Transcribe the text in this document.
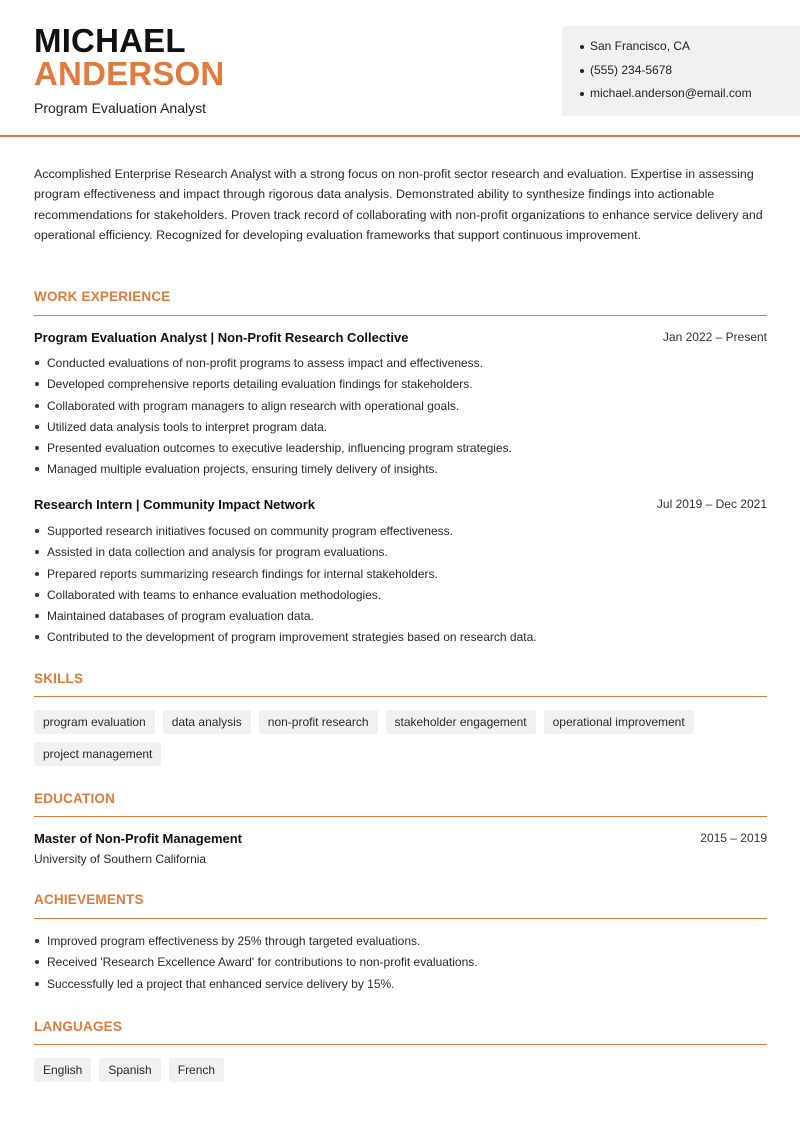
MICHAEL
ANDERSON
Program Evaluation Analyst
San Francisco, CA
(555) 234-5678
michael.anderson@email.com

Accomplished Enterprise Research Analyst with a strong focus on non-profit sector research and evaluation. Expertise in assessing program effectiveness and impact through rigorous data analysis. Demonstrated ability to synthesize findings into actionable recommendations for stakeholders. Proven track record of collaborating with non-profit organizations to enhance service delivery and operational efficiency. Recognized for developing evaluation frameworks that support continuous improvement.

WORK EXPERIENCE
Program Evaluation Analyst | Non-Profit Research Collective	Jan 2022 – Present
Conducted evaluations of non-profit programs to assess impact and effectiveness.
Developed comprehensive reports detailing evaluation findings for stakeholders.
Collaborated with program managers to align research with operational goals.
Utilized data analysis tools to interpret program data.
Presented evaluation outcomes to executive leadership, influencing program strategies.
Managed multiple evaluation projects, ensuring timely delivery of insights.
Research Intern | Community Impact Network	Jul 2019 – Dec 2021
Supported research initiatives focused on community program effectiveness.
Assisted in data collection and analysis for program evaluations.
Prepared reports summarizing research findings for internal stakeholders.
Collaborated with teams to enhance evaluation methodologies.
Maintained databases of program evaluation data.
Contributed to the development of program improvement strategies based on research data.
SKILLS
program evaluation	data analysis	non-profit research	stakeholder engagement	operational improvement
project management
EDUCATION
Master of Non-Profit Management	2015 – 2019
University of Southern California
ACHIEVEMENTS
Improved program effectiveness by 25% through targeted evaluations.
Received 'Research Excellence Award' for contributions to non-profit evaluations.
Successfully led a project that enhanced service delivery by 15%.
LANGUAGES
English	Spanish	French
